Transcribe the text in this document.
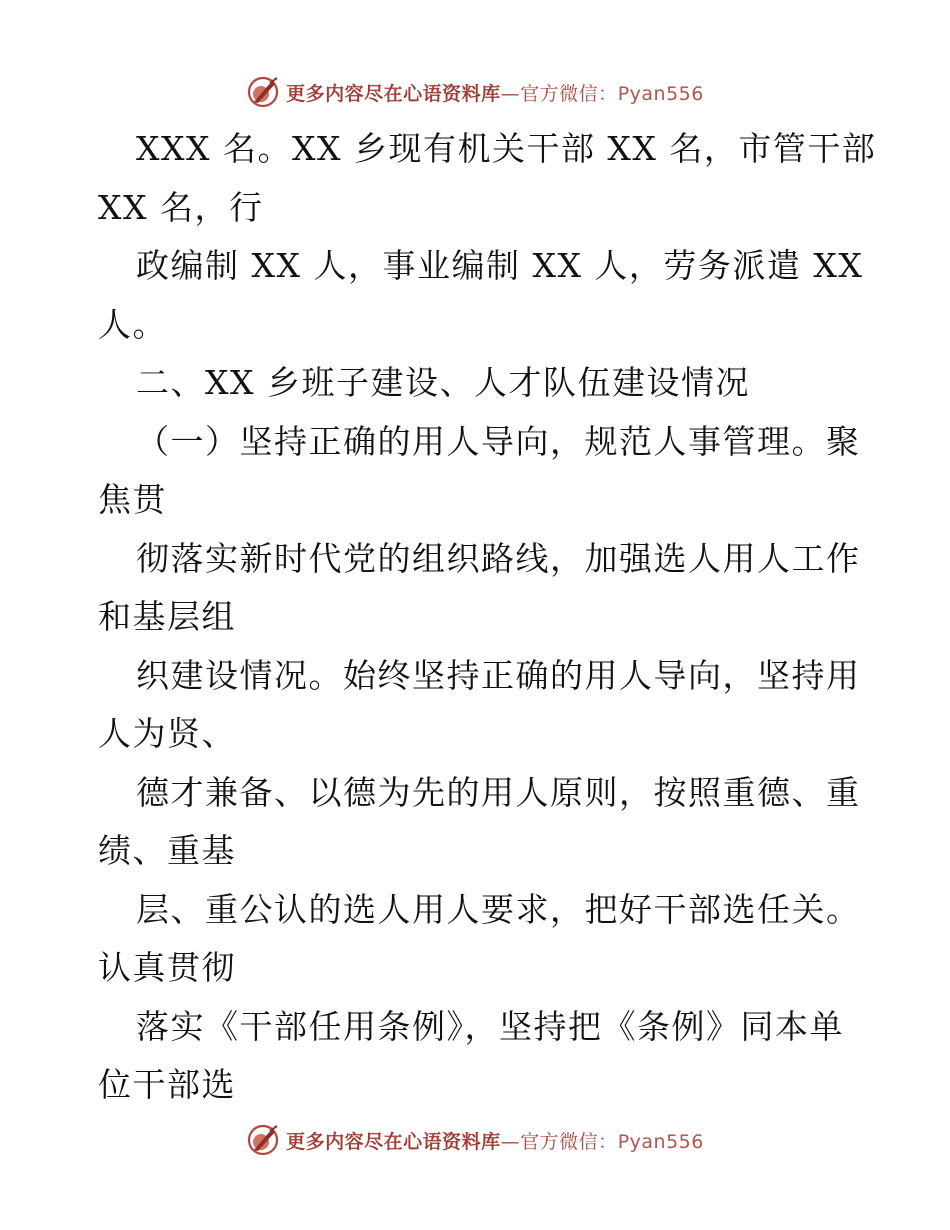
更多内容尽在心语资料库—官方微信：Pyan556
XXX 名。XX 乡现有机关干部 XX 名，市管干部
XX 名，行
政编制 XX 人，事业编制 XX 人，劳务派遣 XX
人。
二、XX 乡班子建设、人才队伍建设情况
（一）坚持正确的用人导向，规范人事管理。聚
焦贯
彻落实新时代党的组织路线，加强选人用人工作
和基层组
织建设情况。始终坚持正确的用人导向，坚持用
人为贤、
德才兼备、以德为先的用人原则，按照重德、重
绩、重基
层、重公认的选人用人要求，把好干部选任关。
认真贯彻
落实《干部任用条例》，坚持把《条例》同本单
位干部选
更多内容尽在心语资料库—官方微信：Pyan556
